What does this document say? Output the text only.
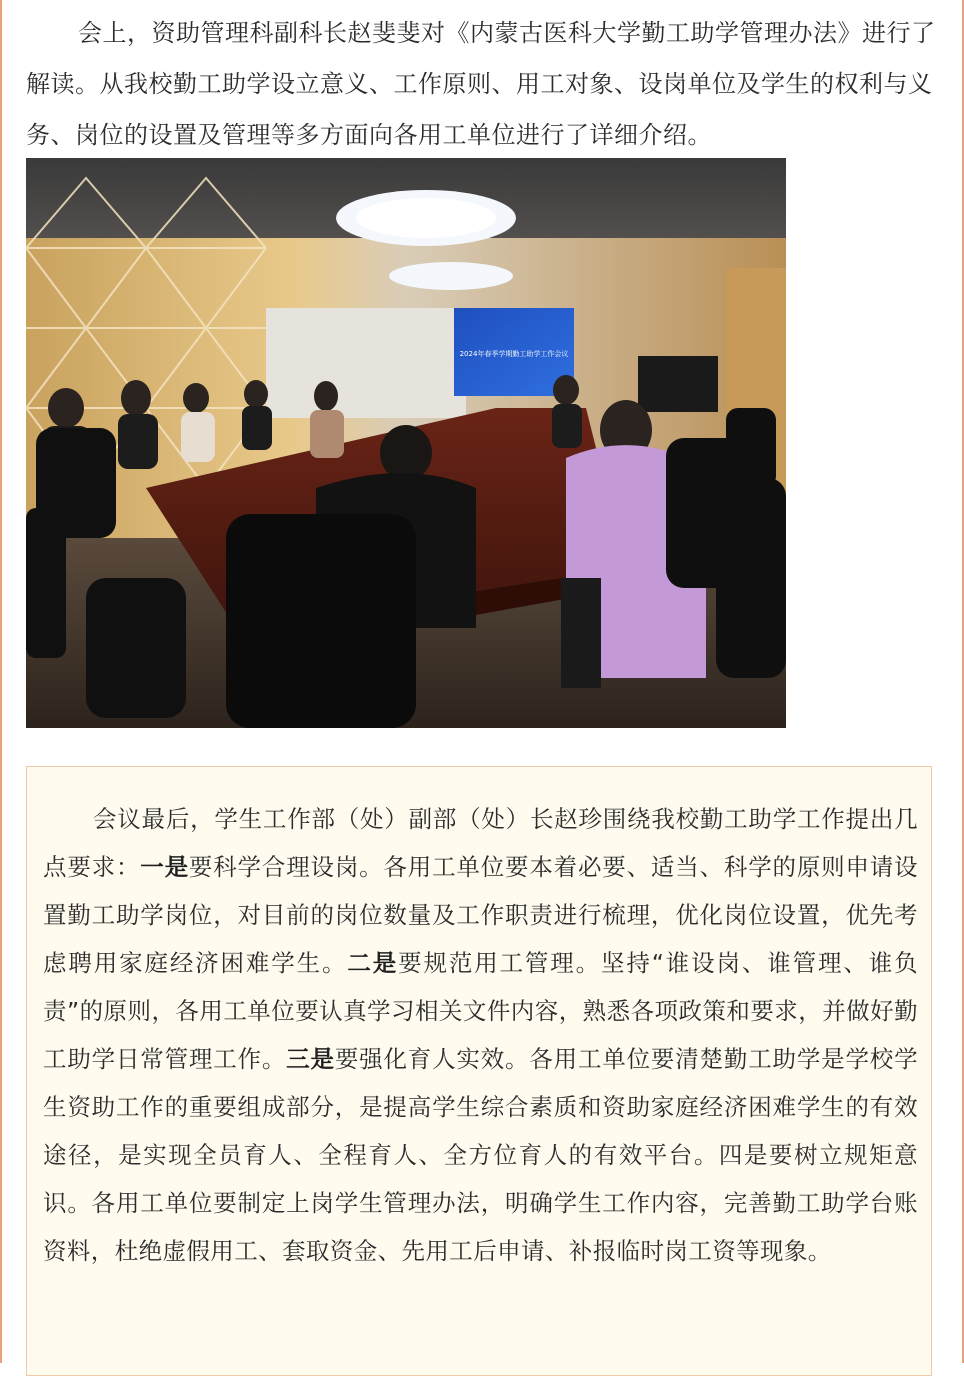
会上，资助管理科副科长赵斐斐对《内蒙古医科大学勤工助学管理办法》进行了解读。从我校勤工助学设立意义、工作原则、用工对象、设岗单位及学生的权利与义务、岗位的设置及管理等多方面向各用工单位进行了详细介绍。

2024年春季学期勤工助学工作会议

会议最后，学生工作部（处）副部（处）长赵珍围绕我校勤工助学工作提出几点要求：一是要科学合理设岗。各用工单位要本着必要、适当、科学的原则申请设置勤工助学岗位，对目前的岗位数量及工作职责进行梳理，优化岗位设置，优先考虑聘用家庭经济困难学生。二是要规范用工管理。坚持“谁设岗、谁管理、谁负责”的原则，各用工单位要认真学习相关文件内容，熟悉各项政策和要求，并做好勤工助学日常管理工作。三是要强化育人实效。各用工单位要清楚勤工助学是学校学生资助工作的重要组成部分，是提高学生综合素质和资助家庭经济困难学生的有效途径，是实现全员育人、全程育人、全方位育人的有效平台。四是要树立规矩意识。各用工单位要制定上岗学生管理办法，明确学生工作内容，完善勤工助学台账资料，杜绝虚假用工、套取资金、先用工后申请、补报临时岗工资等现象。
